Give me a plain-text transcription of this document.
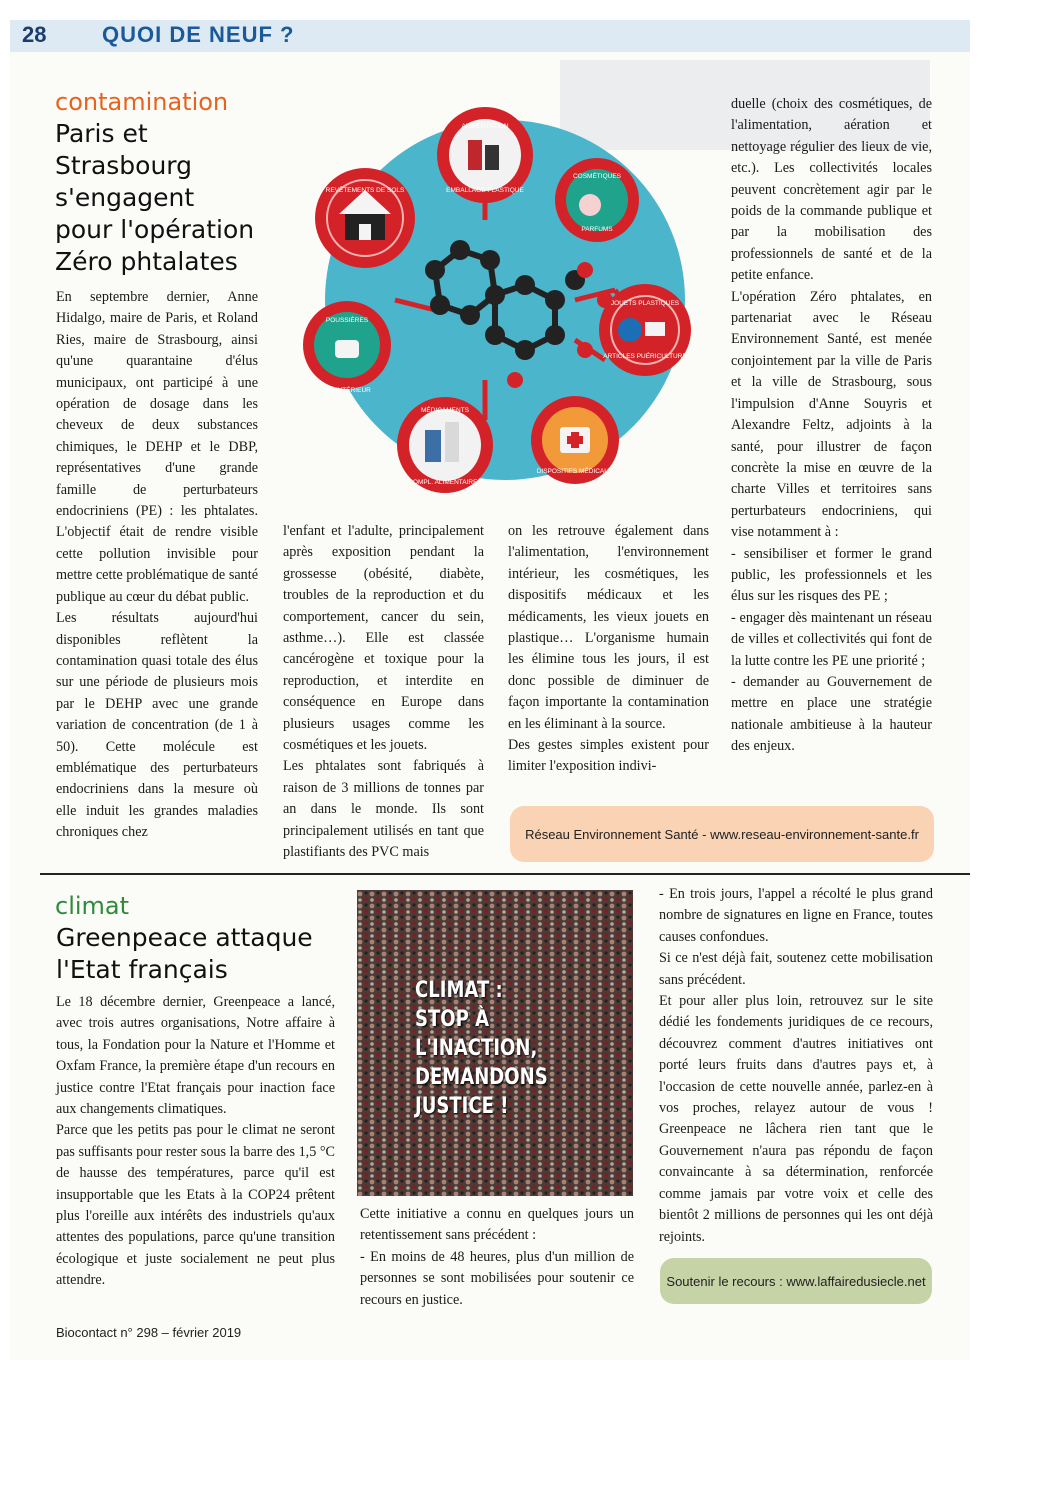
28	QUOI DE NEUF ?
contamination
Paris et
Strasbourg
s'engagent
pour l'opération
Zéro phtalates

En septembre dernier, Anne Hidalgo, maire de Paris, et Roland Ries, maire de Strasbourg, ainsi qu'une quarantaine d'élus municipaux, ont participé à une opération de dosage dans les cheveux de deux substances chimiques, le DEHP et le DBP, représentatives d'une grande famille de perturbateurs endocriniens (PE) : les phtalates. L'objectif était de rendre visible cette pollution invisible pour mettre cette problématique de santé publique au cœur du débat public.

Les résultats aujourd'hui disponibles reflètent la contamination quasi totale des élus sur une période de plusieurs mois par le DEHP avec une grande variation de concentration (de 1 à 50). Cette molécule est emblématique des perturbateurs endocriniens dans la mesure où elle induit les grandes maladies chroniques chez

ALIMENTATION
EMBALLAGE PLASTIQUE
COSMÉTIQUES
PARFUMS
JOUETS PLASTIQUES
ARTICLES PUÉRICULTURE
DISPOSITIFS MÉDICAUX
MÉDICAMENTS
COMPL. ALIMENTAIRES
POUSSIÈRES
AIR INTÉRIEUR
REVÊTEMENTS DE SOLS

l'enfant et l'adulte, principalement après exposition pendant la grossesse (obésité, diabète, troubles de la reproduction et du comportement, cancer du sein, asthme…). Elle est classée cancérogène et toxique pour la reproduction, et interdite en conséquence en Europe dans plusieurs usages comme les cosmétiques et les jouets.

Les phtalates sont fabriqués à raison de 3 millions de tonnes par an dans le monde. Ils sont principalement utilisés en tant que plastifiants des PVC mais

on les retrouve également dans l'alimentation, l'environnement intérieur, les cosmétiques, les dispositifs médicaux et les médicaments, les vieux jouets en plastique… L'organisme humain les élimine tous les jours, il est donc possible de diminuer de façon importante la contamination en les éliminant à la source.

Des gestes simples existent pour limiter l'exposition indivi-

duelle (choix des cosmétiques, de l'alimentation, aération et nettoyage régulier des lieux de vie, etc.). Les collectivités locales peuvent concrètement agir par le poids de la commande publique et par la mobilisation des professionnels de santé et de la petite enfance.

L'opération Zéro phtalates, en partenariat avec le Réseau Environnement Santé, est menée conjointement par la ville de Paris et la ville de Strasbourg, sous l'impulsion d'Anne Souyris et Alexandre Feltz, adjoints à la santé, pour illustrer de façon concrète la mise en œuvre de la charte Villes et territoires sans perturbateurs endocriniens, qui vise notamment à :

- sensibiliser et former le grand public, les professionnels et les élus sur les risques des PE ;

- engager dès maintenant un réseau de villes et collectivités qui font de la lutte contre les PE une priorité ;

- demander au Gouvernement de mettre en place une stratégie nationale ambitieuse à la hauteur des enjeux.

Réseau Environnement Santé - www.reseau-environnement-sante.fr
climat
Greenpeace attaque
l'Etat français

Le 18 décembre dernier, Greenpeace a lancé, avec trois autres organisations, Notre affaire à tous, la Fondation pour la Nature et l'Homme et Oxfam France, la première étape d'un recours en justice contre l'Etat français pour inaction face aux changements climatiques.

Parce que les petits pas pour le climat ne seront pas suffisants pour rester sous la barre des 1,5 °C de hausse des températures, parce qu'il est insupportable que les Etats à la COP24 prêtent plus l'oreille aux intérêts des industriels qu'aux attentes des populations, parce qu'une transition écologique et juste socialement ne peut plus attendre.

CLIMAT :
STOP À L'INACTION,
DEMANDONS
JUSTICE !

Cette initiative a connu en quelques jours un retentissement sans précédent :

- En moins de 48 heures, plus d'un million de personnes se sont mobilisées pour soutenir ce recours en justice.

- En trois jours, l'appel a récolté le plus grand nombre de signatures en ligne en France, toutes causes confondues.

Si ce n'est déjà fait, soutenez cette mobilisation sans précédent.

Et pour aller plus loin, retrouvez sur le site dédié les fondements juridiques de ce recours, découvrez comment d'autres initiatives ont porté leurs fruits dans d'autres pays et, à l'occasion de cette nouvelle année, parlez-en à vos proches, relayez autour de vous ! Greenpeace ne lâchera rien tant que le Gouvernement n'aura pas répondu de façon convaincante à sa détermination, renforcée comme jamais par votre voix et celle des bientôt 2 millions de personnes qui les ont déjà rejoints.

Soutenir le recours : www.laffairedusiecle.net
Biocontact n° 298 – février 2019
